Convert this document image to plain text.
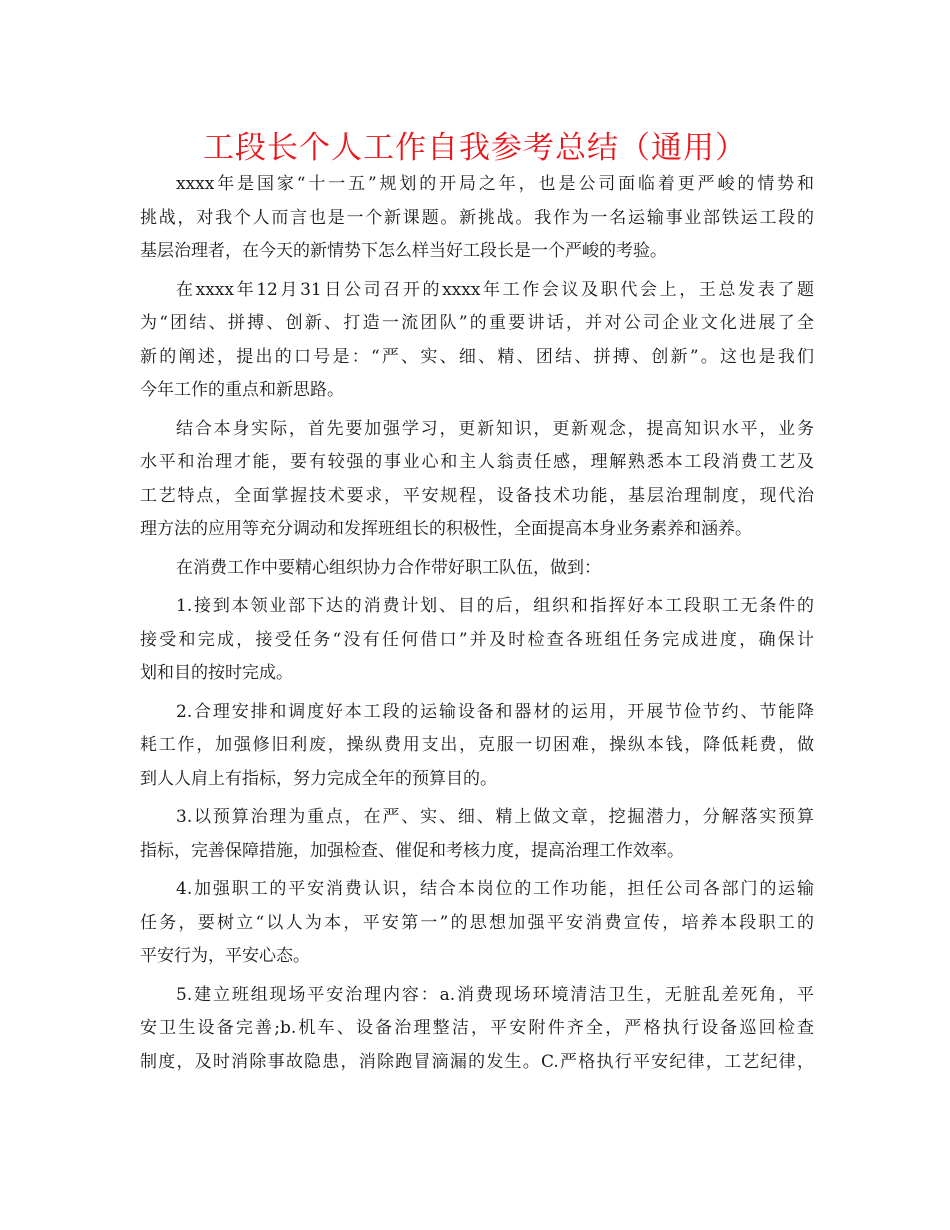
工段长个人工作自我参考总结（通用）
xxxx年是国家“十一五”规划的开局之年，也是公司面临着更严峻的情势和
挑战，对我个人而言也是一个新课题。新挑战。我作为一名运输事业部铁运工段的
基层治理者，在今天的新情势下怎么样当好工段长是一个严峻的考验。
在xxxx年12月31日公司召开的xxxx年工作会议及职代会上，王总发表了题
为“团结、拼搏、创新、打造一流团队”的重要讲话，并对公司企业文化进展了全
新的阐述，提出的口号是：“严、实、细、精、团结、拼搏、创新”。这也是我们
今年工作的重点和新思路。
结合本身实际，首先要加强学习，更新知识，更新观念，提高知识水平，业务
水平和治理才能，要有较强的事业心和主人翁责任感，理解熟悉本工段消费工艺及
工艺特点，全面掌握技术要求，平安规程，设备技术功能，基层治理制度，现代治
理方法的应用等充分调动和发挥班组长的积极性，全面提高本身业务素养和涵养。
在消费工作中要精心组织协力合作带好职工队伍，做到：
1.接到本领业部下达的消费计划、目的后，组织和指挥好本工段职工无条件的
接受和完成，接受任务“没有任何借口”并及时检查各班组任务完成进度，确保计
划和目的按时完成。
2.合理安排和调度好本工段的运输设备和器材的运用，开展节俭节约、节能降
耗工作，加强修旧利废，操纵费用支出，克服一切困难，操纵本钱，降低耗费，做
到人人肩上有指标，努力完成全年的预算目的。
3.以预算治理为重点，在严、实、细、精上做文章，挖掘潜力，分解落实预算
指标，完善保障措施，加强检查、催促和考核力度，提高治理工作效率。
4.加强职工的平安消费认识，结合本岗位的工作功能，担任公司各部门的运输
任务，要树立“以人为本，平安第一”的思想加强平安消费宣传，培养本段职工的
平安行为，平安心态。
5.建立班组现场平安治理内容：a.消费现场环境清洁卫生，无脏乱差死角，平
安卫生设备完善;b.机车、设备治理整洁，平安附件齐全，严格执行设备巡回检查
制度，及时消除事故隐患，消除跑冒滴漏的发生。C.严格执行平安纪律，工艺纪律，
